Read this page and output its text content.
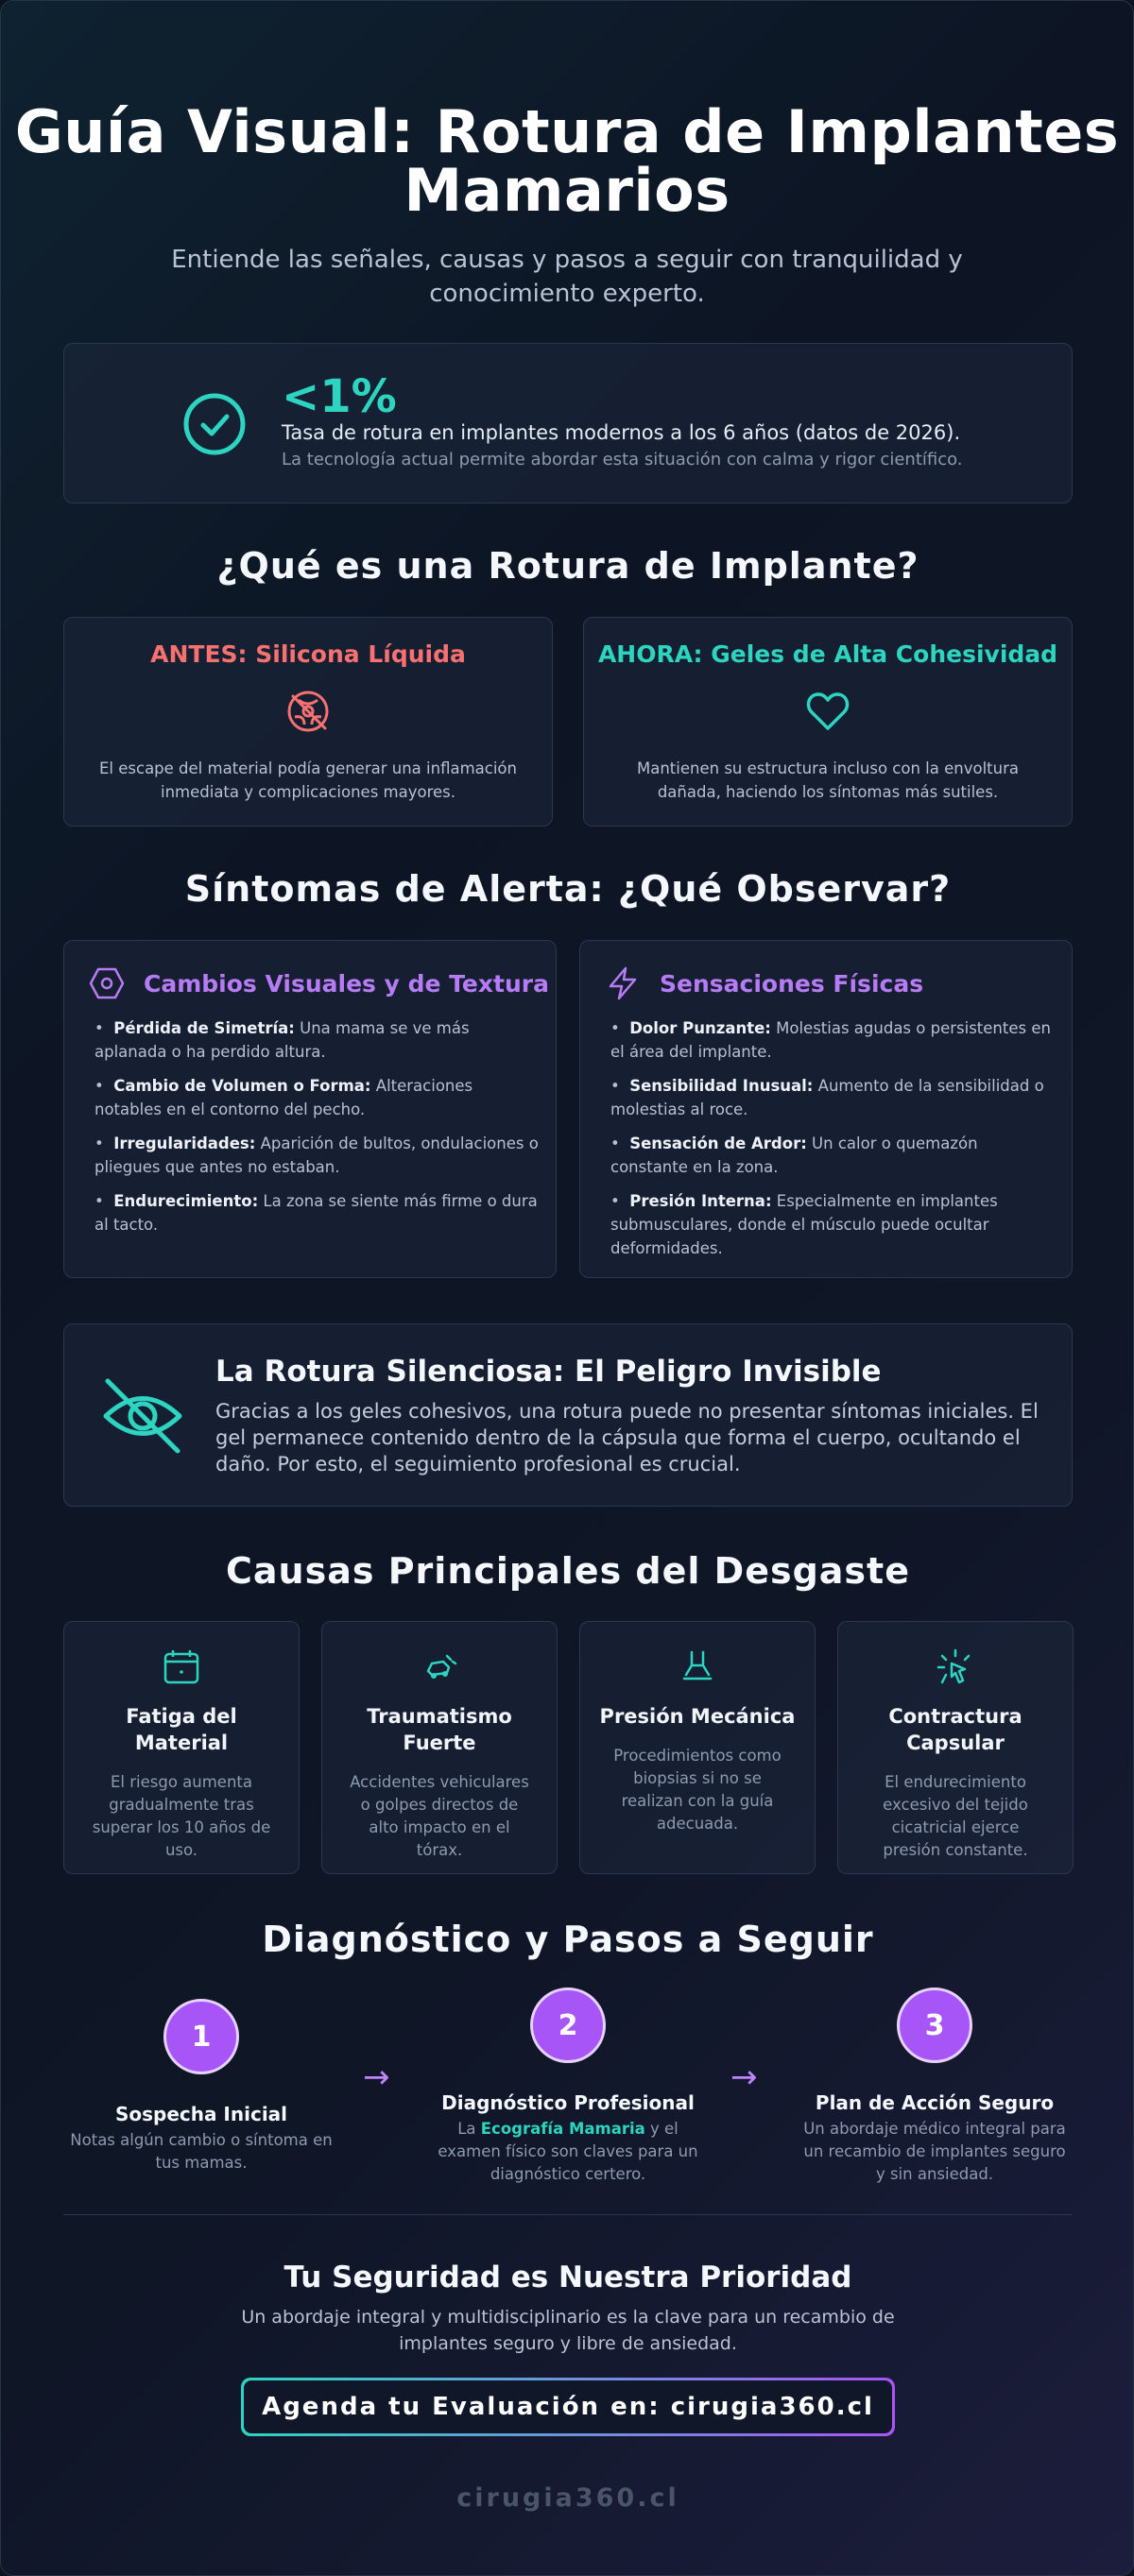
Guía Visual: Rotura de Implantes
Mamarios

Entiende las señales, causas y pasos a seguir con tranquilidad y conocimiento experto.

<1%
Tasa de rotura en implantes modernos a los 6 años (datos de 2026).
La tecnología actual permite abordar esta situación con calma y rigor científico.
¿Qué es una Rotura de Implante?
ANTES: Silicona Líquida

El escape del material podía generar una inflamación inmediata y complicaciones mayores.

AHORA: Geles de Alta Cohesividad

Mantienen su estructura incluso con la envoltura dañada, haciendo los síntomas más sutiles.

Síntomas de Alerta: ¿Qué Observar?
Cambios Visuales y de Textura
•  Pérdida de Simetría: Una mama se ve más aplanada o ha perdido altura.
•  Cambio de Volumen o Forma: Alteraciones notables en el contorno del pecho.
•  Irregularidades: Aparición de bultos, ondulaciones o pliegues que antes no estaban.
•  Endurecimiento: La zona se siente más firme o dura al tacto.
Sensaciones Físicas
•  Dolor Punzante: Molestias agudas o persistentes en el área del implante.
•  Sensibilidad Inusual: Aumento de la sensibilidad o molestias al roce.
•  Sensación de Ardor: Un calor o quemazón constante en la zona.
•  Presión Interna: Especialmente en implantes submusculares, donde el músculo puede ocultar deformidades.
La Rotura Silenciosa: El Peligro Invisible

Gracias a los geles cohesivos, una rotura puede no presentar síntomas iniciales. El gel permanece contenido dentro de la cápsula que forma el cuerpo, ocultando el daño. Por esto, el seguimiento profesional es crucial.

Causas Principales del Desgaste
Fatiga del Material

El riesgo aumenta gradualmente tras superar los 10 años de uso.

Traumatismo Fuerte

Accidentes vehiculares o golpes directos de alto impacto en el tórax.

Presión Mecánica

Procedimientos como biopsias si no se realizan con la guía adecuada.

Contractura Capsular

El endurecimiento excesivo del tejido cicatricial ejerce presión constante.

Diagnóstico y Pasos a Seguir
1
Sospecha Inicial

Notas algún cambio o síntoma en tus mamas.

→
2
Diagnóstico Profesional

La Ecografía Mamaria y el examen físico son claves para un diagnóstico certero.

→
3
Plan de Acción Seguro

Un abordaje médico integral para un recambio de implantes seguro y sin ansiedad.

Tu Seguridad es Nuestra Prioridad

Un abordaje integral y multidisciplinario es la clave para un recambio de implantes seguro y libre de ansiedad.

Agenda tu Evaluación en: cirugia360.cl
cirugia360.cl
